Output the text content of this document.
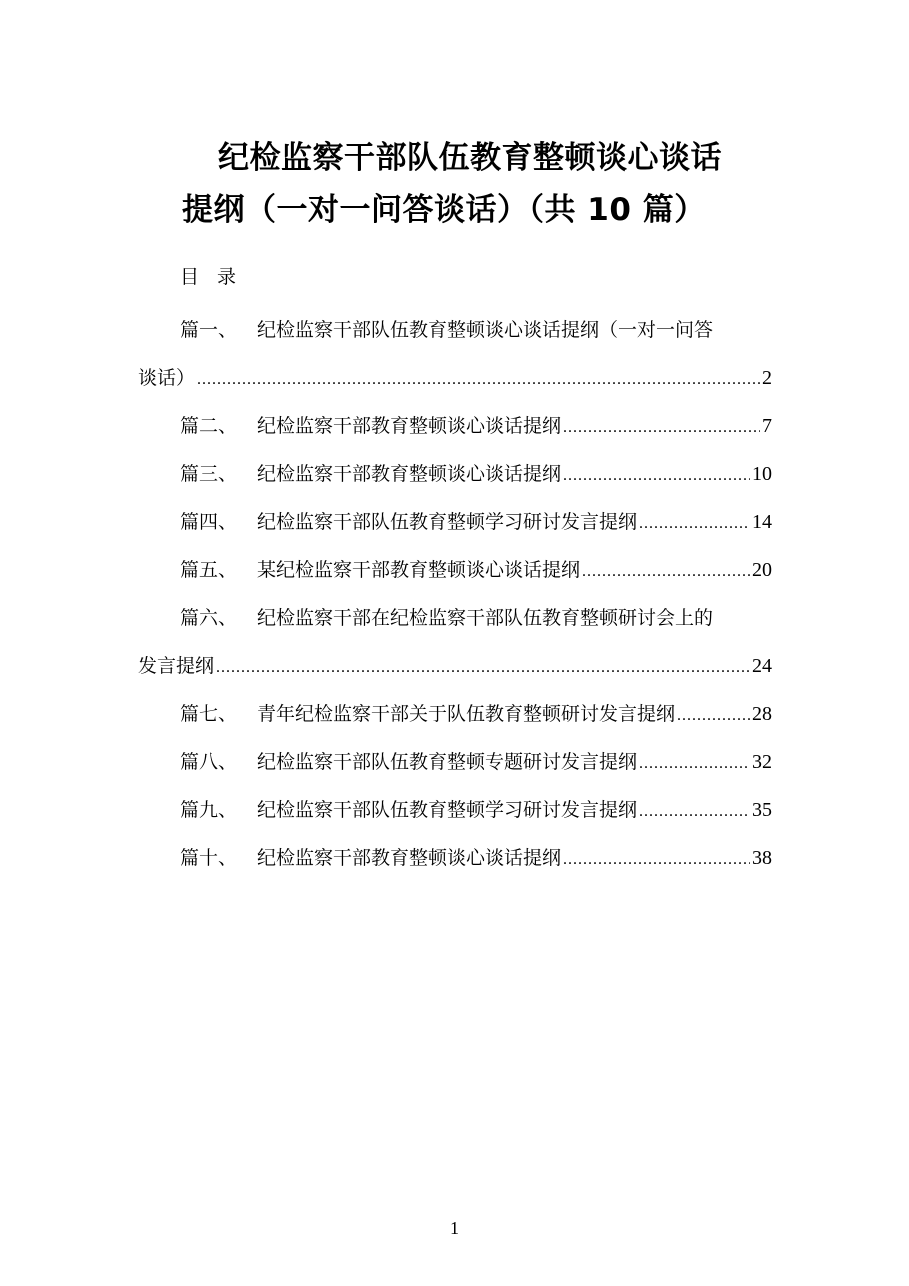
纪检监察干部队伍教育整顿谈心谈话
提纲（一对一问答谈话）（共 10 篇）
目录
篇一、	纪检监察干部队伍教育整顿谈心谈话提纲（一对一问答
谈话） .....	2
篇二、	纪检监察干部教育整顿谈心谈话提纲 .....	7
篇三、	纪检监察干部教育整顿谈心谈话提纲 .....	10
篇四、	纪检监察干部队伍教育整顿学习研讨发言提纲 .....	14
篇五、	某纪检监察干部教育整顿谈心谈话提纲 .....	20
篇六、	纪检监察干部在纪检监察干部队伍教育整顿研讨会上的
发言提纲 .....	24
篇七、	青年纪检监察干部关于队伍教育整顿研讨发言提纲 .....	28
篇八、	纪检监察干部队伍教育整顿专题研讨发言提纲 .....	32
篇九、	纪检监察干部队伍教育整顿学习研讨发言提纲 .....	35
篇十、	纪检监察干部教育整顿谈心谈话提纲 .....	38
1
